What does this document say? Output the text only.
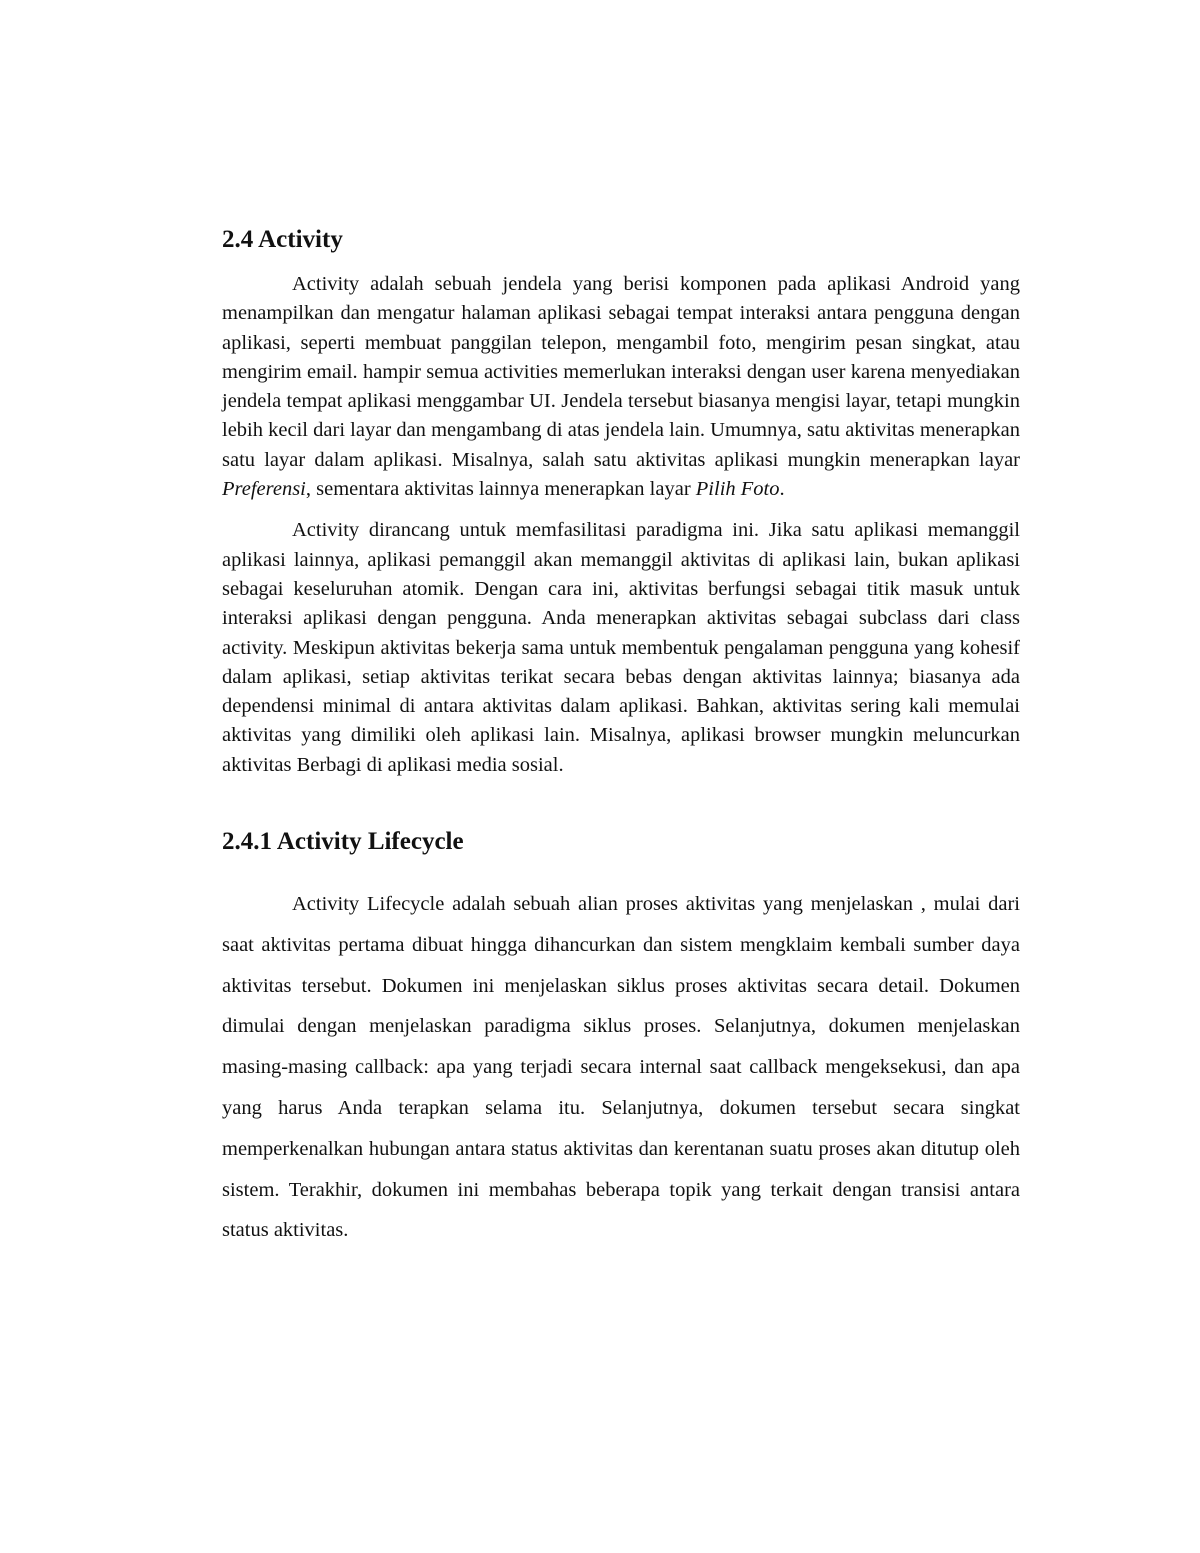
2.4 Activity

Activity adalah sebuah jendela yang berisi komponen pada aplikasi Android yang menampilkan dan mengatur halaman aplikasi sebagai tempat interaksi antara pengguna dengan aplikasi, seperti membuat panggilan telepon, mengambil foto, mengirim pesan singkat, atau mengirim email. hampir semua activities memerlukan interaksi dengan user karena menyediakan jendela tempat aplikasi menggambar UI. Jendela tersebut biasanya mengisi layar, tetapi mungkin lebih kecil dari layar dan mengambang di atas jendela lain. Umumnya, satu aktivitas menerapkan satu layar dalam aplikasi. Misalnya, salah satu aktivitas aplikasi mungkin menerapkan layar Preferensi, sementara aktivitas lainnya menerapkan layar Pilih Foto.

Activity dirancang untuk memfasilitasi paradigma ini. Jika satu aplikasi memanggil aplikasi lainnya, aplikasi pemanggil akan memanggil aktivitas di aplikasi lain, bukan aplikasi sebagai keseluruhan atomik. Dengan cara ini, aktivitas berfungsi sebagai titik masuk untuk interaksi aplikasi dengan pengguna. Anda menerapkan aktivitas sebagai subclass dari class activity. Meskipun aktivitas bekerja sama untuk membentuk pengalaman pengguna yang kohesif dalam aplikasi, setiap aktivitas terikat secara bebas dengan aktivitas lainnya; biasanya ada dependensi minimal di antara aktivitas dalam aplikasi. Bahkan, aktivitas sering kali memulai aktivitas yang dimiliki oleh aplikasi lain. Misalnya, aplikasi browser mungkin meluncurkan aktivitas Berbagi di aplikasi media sosial.

2.4.1 Activity Lifecycle

Activity Lifecycle adalah sebuah alian proses aktivitas yang menjelaskan , mulai dari saat aktivitas pertama dibuat hingga dihancurkan dan sistem mengklaim kembali sumber daya aktivitas tersebut. Dokumen ini menjelaskan siklus proses aktivitas secara detail. Dokumen dimulai dengan menjelaskan paradigma siklus proses. Selanjutnya, dokumen menjelaskan masing-masing callback: apa yang terjadi secara internal saat callback mengeksekusi, dan apa yang harus Anda terapkan selama itu. Selanjutnya, dokumen tersebut secara singkat memperkenalkan hubungan antara status aktivitas dan kerentanan suatu proses akan ditutup oleh sistem. Terakhir, dokumen ini membahas beberapa topik yang terkait dengan transisi antara status aktivitas.
